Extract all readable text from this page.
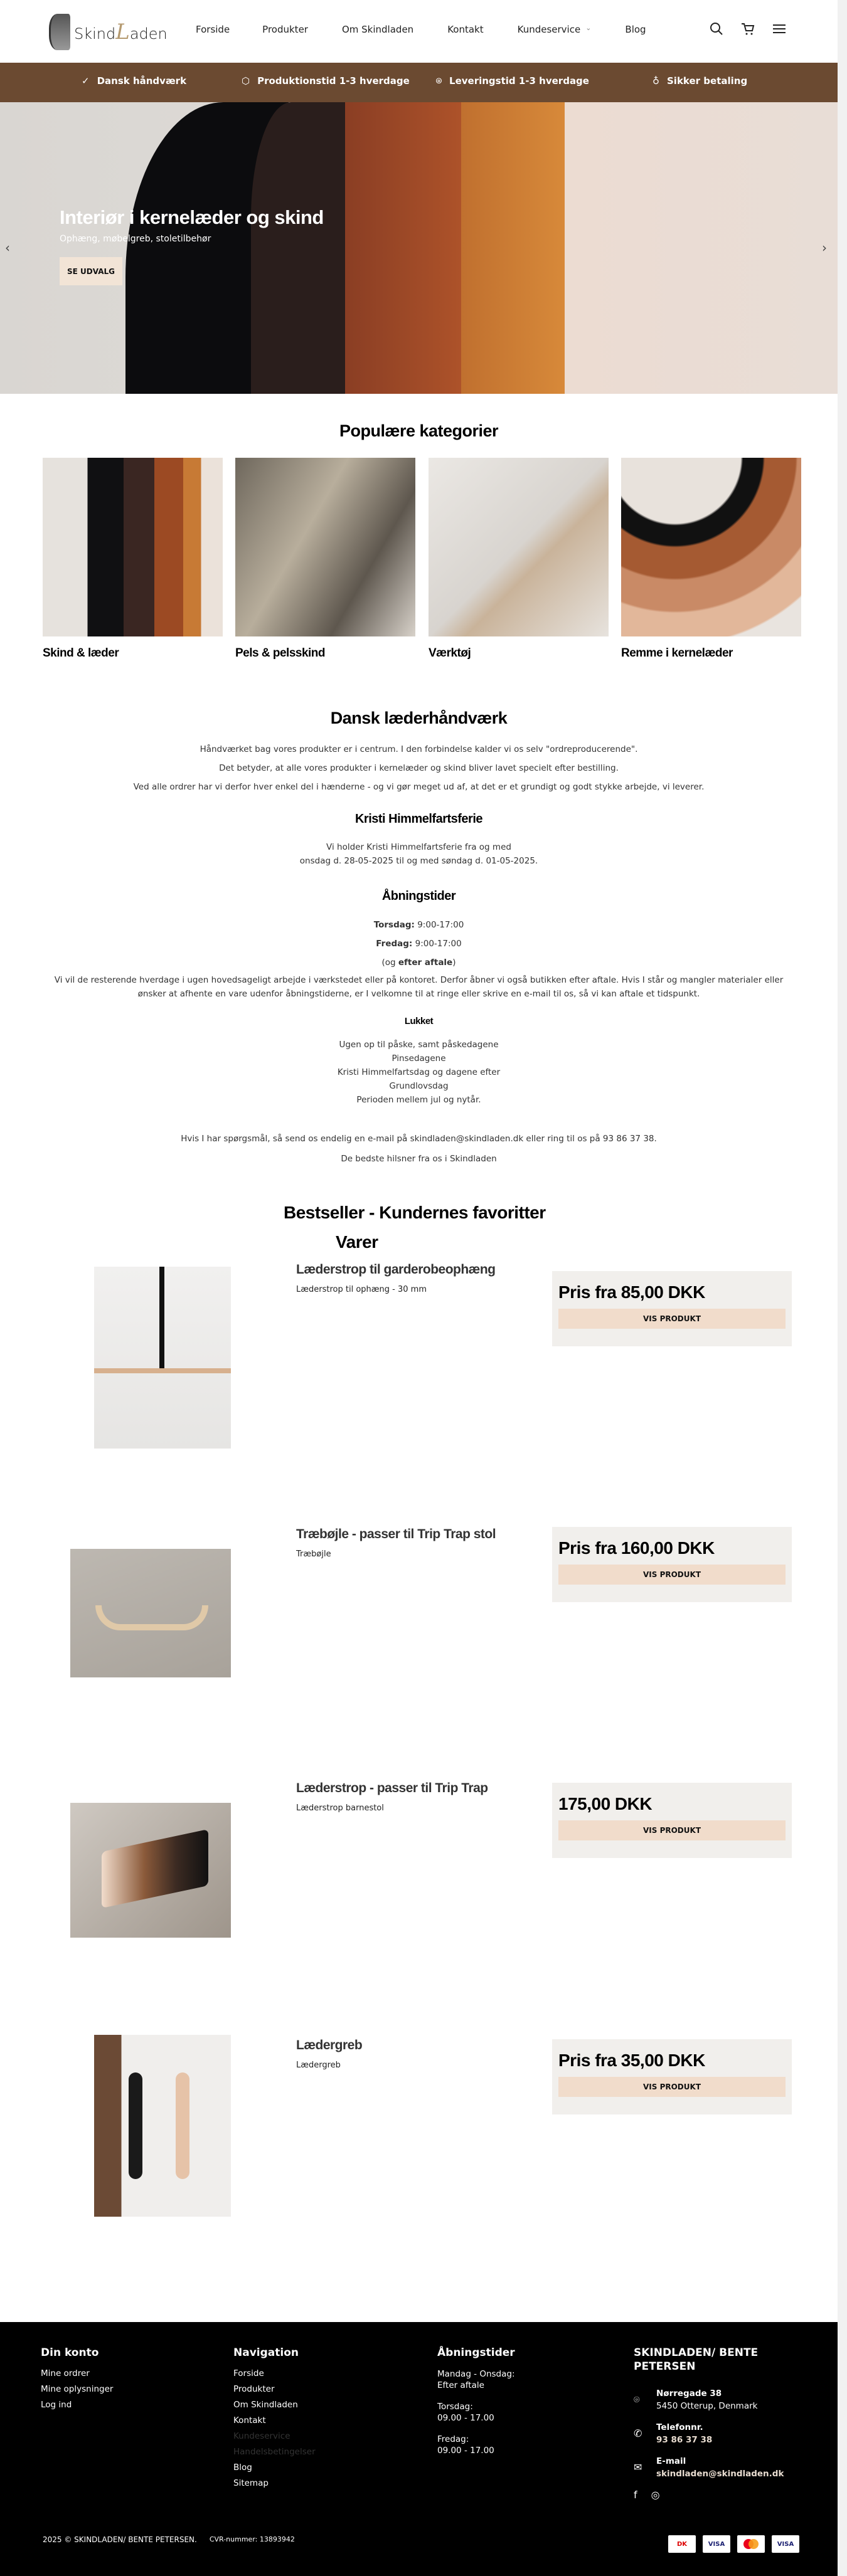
SkindLaden	Forside	Produkter	Om Skindladen	Kontakt	Kundeservice ⌄	Blog
✓ Dansk håndværk	⬡ Produktionstid 1-3 hverdage	⌾ Leveringstid 1-3 hverdage	♁ Sikker betaling
Interiør i kernelæder og skind
Ophæng, møbelgreb, stoletilbehør
SE UDVALG
‹	›
Populære kategorier
Skind & læder	Pels & pelsskind	Værktøj	Remme i kernelæder
Dansk læderhåndværk
Håndværket bag vores produkter er i centrum. I den forbindelse kalder vi os selv "ordreproducerende".
Det betyder, at alle vores produkter i kernelæder og skind bliver lavet specielt efter bestilling.
Ved alle ordrer har vi derfor hver enkel del i hænderne - og vi gør meget ud af, at det er et grundigt og godt stykke arbejde, vi leverer.
Kristi Himmelfartsferie
Vi holder Kristi Himmelfartsferie fra og med
onsdag d. 28-05-2025 til og med søndag d. 01-05-2025.
Åbningstider
Torsdag: 9:00-17:00
Fredag: 9:00-17:00
(og efter aftale)
Vi vil de resterende hverdage i ugen hovedsageligt arbejde i værkstedet eller på kontoret. Derfor åbner vi også butikken efter aftale. Hvis I står og mangler materialer eller ønsker at afhente en vare udenfor åbningstiderne, er I velkomne til at ringe eller skrive en e-mail til os, så vi kan aftale et tidspunkt.
Lukket
Ugen op til påske, samt påskedagene
Pinsedagene
Kristi Himmelfartsdag og dagene efter
Grundlovsdag
Perioden mellem jul og nytår.
Hvis I har spørgsmål, så send os endelig en e-mail på skindladen@skindladen.dk eller ring til os på 93 86 37 38.
De bedste hilsner fra os i Skindladen
Bestseller - Kundernes favoritter
Varer
Læderstrop til garderobeophæng
Læderstrop til ophæng - 30 mm	Pris fra 85,00 DKK
VIS PRODUKT
Træbøjle - passer til Trip Trap stol
Træbøjle	Pris fra 160,00 DKK
VIS PRODUKT
Læderstrop - passer til Trip Trap
Læderstrop barnestol	175,00 DKK
VIS PRODUKT
Lædergreb
Lædergreb	Pris fra 35,00 DKK
VIS PRODUKT
Din konto
Mine ordrer
Mine oplysninger
Log ind
Navigation
Forside
Produkter
Om Skindladen
Kontakt
Kundeservice
Handelsbetingelser
Blog
Sitemap
Åbningstider
Mandag - Onsdag:
Efter aftale
Torsdag:
09.00 - 17.00
Fredag:
09.00 - 17.00
SKINDLADEN/ BENTE PETERSEN
⌾	Nørregade 38
5450 Otterup, Denmark
✆	Telefonnr.
93 86 37 38
✉	E-mail
skindladen@skindladen.dk
f ◎
2025 © SKINDLADEN/ BENTE PETERSEN. CVR-nummer: 13893942
DK	VISA	VISA
